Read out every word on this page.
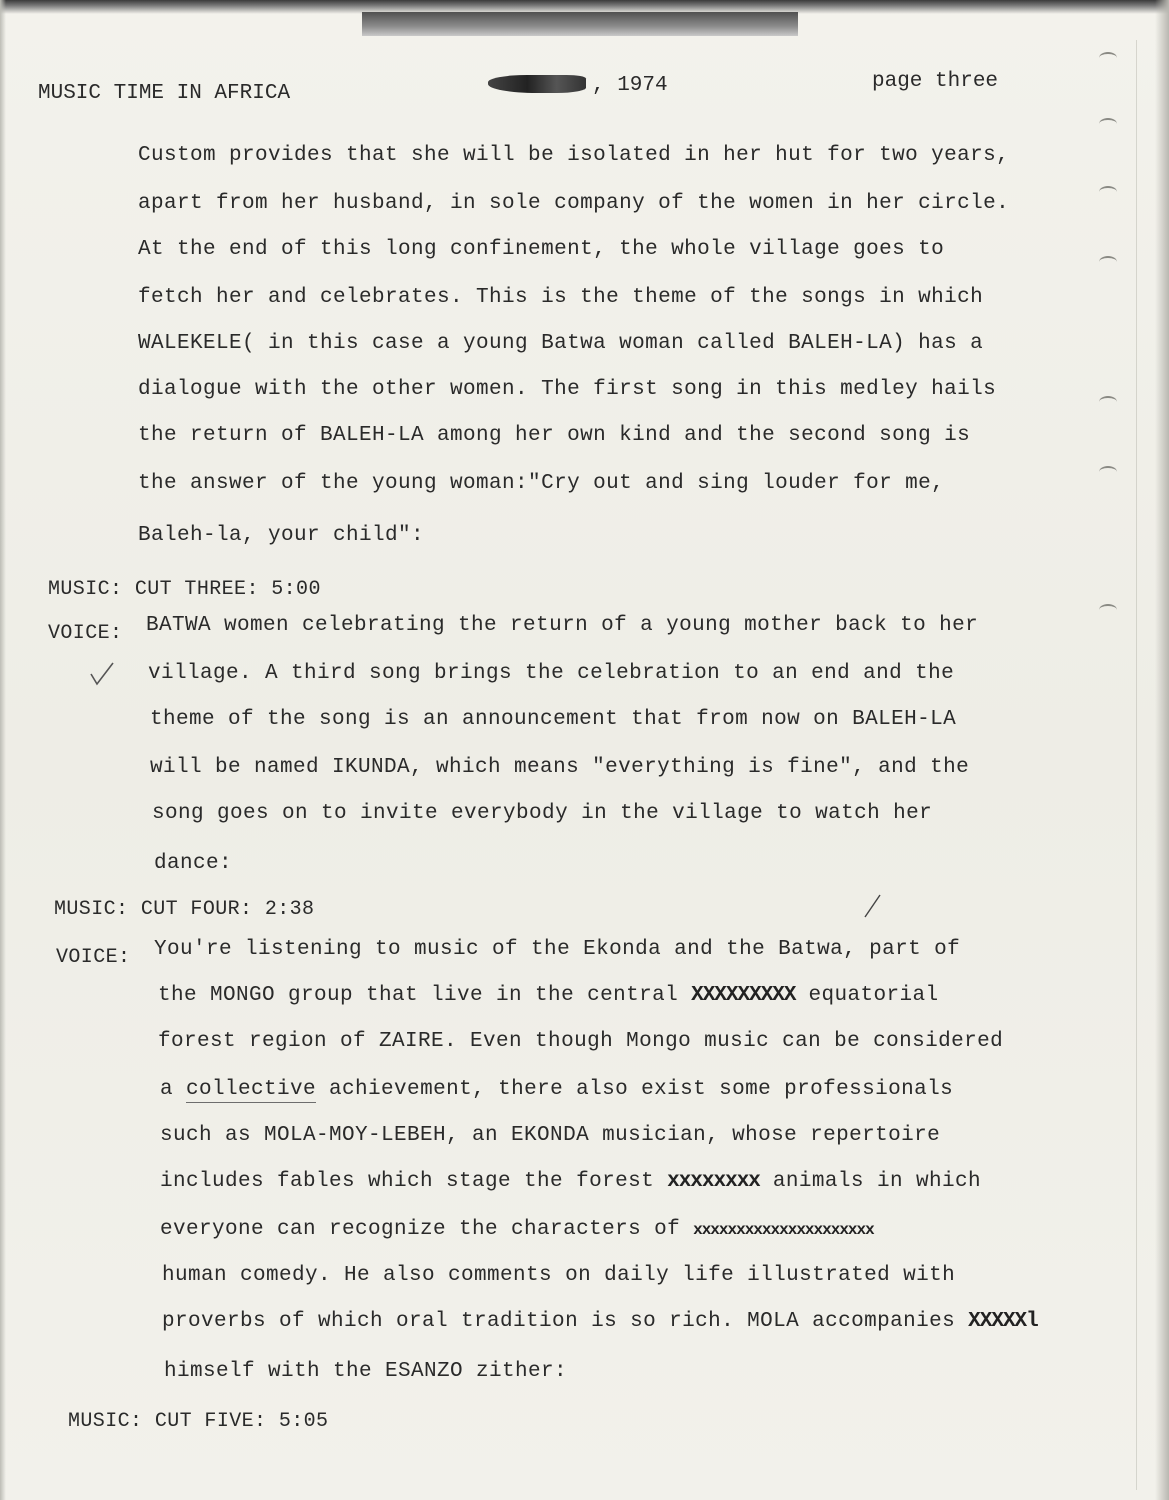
MUSIC TIME IN AFRICA	, 1974	page three
Custom provides that she will be isolated in her hut for two years,
apart from her husband, in sole company of the women in her circle.
At the end of this long confinement, the whole village goes to
fetch her and celebrates. This is the theme of the songs in which
WALEKELE( in this case a young Batwa woman called BALEH-LA) has a
dialogue with the other women. The first song in this medley hails
the return of BALEH-LA among her own kind and the second song is
the answer of the young woman:"Cry out and sing louder for me,
Baleh-la, your child":
MUSIC: CUT THREE: 5:00
VOICE: BATWA women celebrating the return of a young mother back to her
village. A third song brings the celebration to an end and the
theme of the song is an announcement that from now on BALEH-LA
will be named IKUNDA, which means "everything is fine", and the
song goes on to invite everybody in the village to watch her
dance:
MUSIC: CUT FOUR: 2:38
VOICE: You're listening to music of the Ekonda and the Batwa, part of
the MONGO group that live in the central XXXXXXXXX equatorial
forest region of ZAIRE. Even though Mongo music can be considered
a collective achievement, there also exist some professionals
such as MOLA-MOY-LEBEH, an EKONDA musician, whose repertoire
includes fables which stage the forest xxxxxxxx animals in which
everyone can recognize the characters of xxxxxxxxxxxxxxxxxxxxx
human comedy. He also comments on daily life illustrated with
proverbs of which oral tradition is so rich. MOLA accompanies XXXXXl
himself with the ESANZO zither:
MUSIC: CUT FIVE: 5:05
